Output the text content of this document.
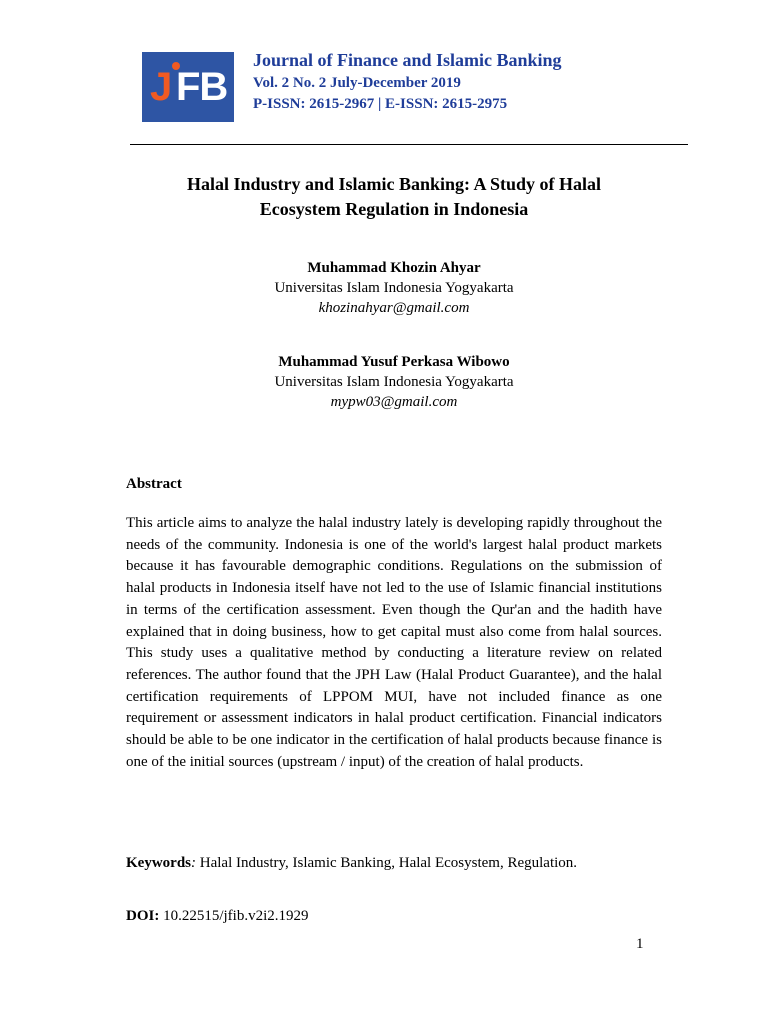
J FB
Journal of Finance and Islamic Banking
Vol. 2 No. 2 July-December 2019
P-ISSN: 2615-2967 | E-ISSN: 2615-2975
Halal Industry and Islamic Banking: A Study of Halal
Ecosystem Regulation in Indonesia
Muhammad Khozin Ahyar
Universitas Islam Indonesia Yogyakarta
khozinahyar@gmail.com
Muhammad Yusuf Perkasa Wibowo
Universitas Islam Indonesia Yogyakarta
mypw03@gmail.com
Abstract
This article aims to analyze the halal industry lately is developing rapidly throughout the needs of the community. Indonesia is one of the world's largest halal product markets because it has favourable demographic conditions. Regulations on the submission of halal products in Indonesia itself have not led to the use of Islamic financial institutions in terms of the certification assessment. Even though the Qur'an and the hadith have explained that in doing business, how to get capital must also come from halal sources. This study uses a qualitative method by conducting a literature review on related references. The author found that the JPH Law (Halal Product Guarantee), and the halal certification requirements of LPPOM MUI, have not included finance as one requirement or assessment indicators in halal product certification. Financial indicators should be able to be one indicator in the certification of halal products because finance is one of the initial sources (upstream / input) of the creation of halal products.
Keywords: Halal Industry, Islamic Banking, Halal Ecosystem, Regulation.
DOI: 10.22515/jfib.v2i2.1929
1
